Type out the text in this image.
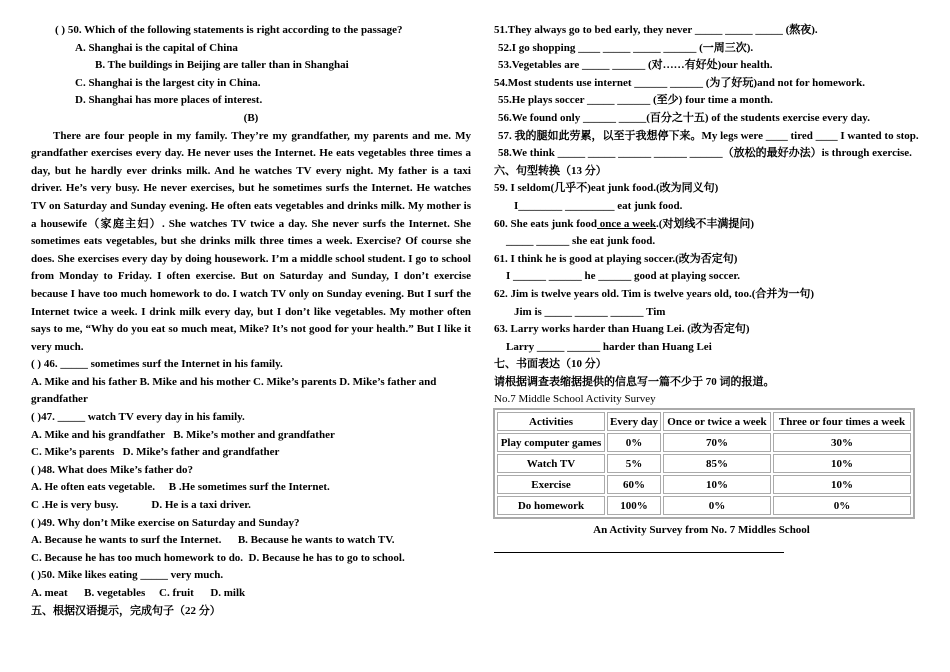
( ) 50. Which of the following statements is right according to the passage?

A. Shanghai is the capital of China

B. The buildings in Beijing are taller than in Shanghai

C. Shanghai is the largest city in China.

D. Shanghai has more places of interest.

(B)

There are four people in my family. They’re my grandfather, my parents and me. My grandfather exercises every day. He never uses the Internet. He eats vegetables three times a day, but he hardly ever drinks milk. And he watches TV every night. My father is a taxi driver. He’s very busy. He never exercises, but he sometimes surfs the Internet. He watches TV on Saturday and Sunday evening. He often eats vegetables and drinks milk. My mother is a housewife（家庭主妇）. She watches TV twice a day. She never surfs the Internet. She sometimes eats vegetables, but she drinks milk three times a week. Exercise? Of course she does. She exercises every day by doing housework. I’m a middle school student. I go to school from Monday to Friday. I often exercise. But on Saturday and Sunday, I don’t exercise because I have too much homework to do. I watch TV only on Sunday evening. But I surf the Internet twice a week. I drink milk every day, but I don’t like vegetables. My mother often says to me, “Why do you eat so much meat, Mike? It’s not good for your health.” But I like it very much.

( ) 46. _____ sometimes surf the Internet in his family.

A. Mike and his father B. Mike and his mother C. Mike’s parents D. Mike’s father and grandfather

( )47. _____ watch TV every day in his family.

A. Mike and his grandfather   B. Mike’s mother and grandfather

C. Mike’s parents   D. Mike’s father and grandfather

( )48. What does Mike’s father do?

A. He often eats vegetable.     B .He sometimes surf the Internet.

C .He is very busy.            D. He is a taxi driver.

( )49. Why don’t Mike exercise on Saturday and Sunday?

A. Because he wants to surf the Internet.      B. Because he wants to watch TV.

C. Because he has too much homework to do.  D. Because he has to go to school.

( )50. Mike likes eating _____ very much.

A. meat      B. vegetables     C. fruit      D. milk

五、根据汉语提示，完成句子（22 分）

51.They always go to bed early, they never _____ _____ _____ (熬夜).

52.I go shopping ____ _____ _____ ______ (一周三次).

53.Vegetables are _____ ______ (对……有好处)our health.

54.Most students use internet ______ ______ (为了好玩)and not for homework.

55.He plays soccer _____ ______ (至少) four time a month.

56.We found only ______ _____(百分之十五) of the students exercise every day.

57. 我的腿如此劳累，以至于我想停下来。My legs were ____ tired ____ I wanted to stop.

58.We think _____ _____ ______ ______ ______（放松的最好办法）is through exercise.

六、句型转换（13 分）

59. I seldom(几乎不)eat junk food.(改为同义句)

I________ _________ eat junk food.

60. She eats junk food once a week.(对划线不丰满提问)

_____ ______ she eat junk food.

61. I think he is good at playing soccer.(改为否定句)

I ______ ______ he ______ good at playing soccer.

62. Jim is twelve years old. Tim is twelve years old, too.(合并为一句)

Jim is _____ ______ ______ Tim

63. Larry works harder than Huang Lei. (改为否定句)

Larry _____ ______ harder than Huang Lei

七、书面表达（10 分）

请根据调查表缩据提供的信息写一篇不少于 70 词的报道。

No.7 Middle School Activity Survey

Activities	Every day	Once or twice a week	Three or four times a week
Play computer games	0%	70%	30%
Watch TV	5%	85%	10%
Exercise	60%	10%	10%
Do homework	100%	0%	0%

An Activity Survey from No. 7 Middles School
